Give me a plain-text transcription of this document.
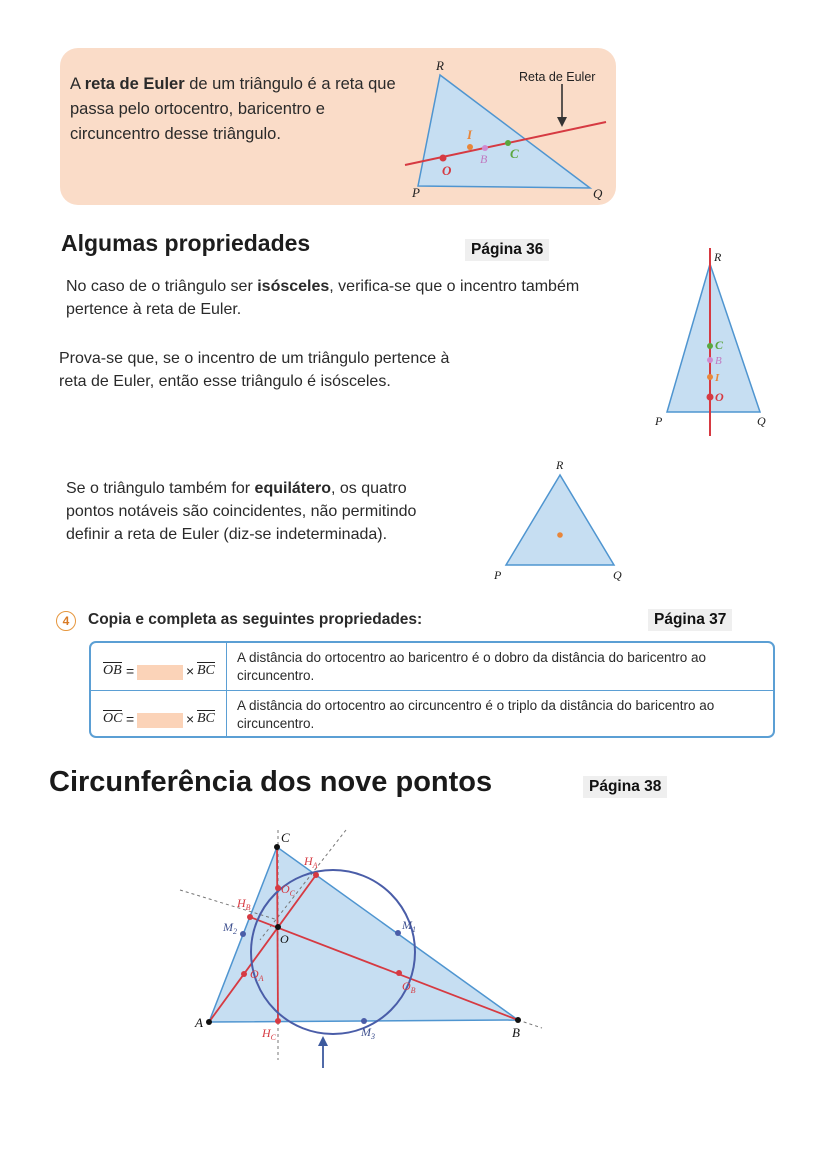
A reta de Euler de um triângulo é a reta que passa pelo ortocentro, baricentro e circuncentro desse triângulo.
Reta de Euler
R
P	Q
I
O
B C
Algumas propriedades	Página 36
No caso de o triângulo ser isósceles, verifica-se que o incentro também pertence à reta de Euler.
Prova-se que, se o incentro de um triângulo pertence à reta de Euler, então esse triângulo é isósceles.
R
P	Q
C
B
I
O
Se o triângulo também for equilátero, os quatro pontos notáveis são coincidentes, não permitindo definir a reta de Euler (diz-se indeterminada).
R
P	Q
4	Copia e completa as seguintes propriedades:	Página 37
OB =	× BC
A distância do ortocentro ao baricentro é o dobro da distância do baricentro ao circuncentro.
OC =	× BC
A distância do ortocentro ao circuncentro é o triplo da distância do baricentro ao circuncentro.
Circunferência dos nove pontos	Página 38
C
A
B
O
$H_A$
$H_B$
$H_C$
$O_C$
$O_A$
$O_B$
$M_1$
$M_2$
$M_3$
